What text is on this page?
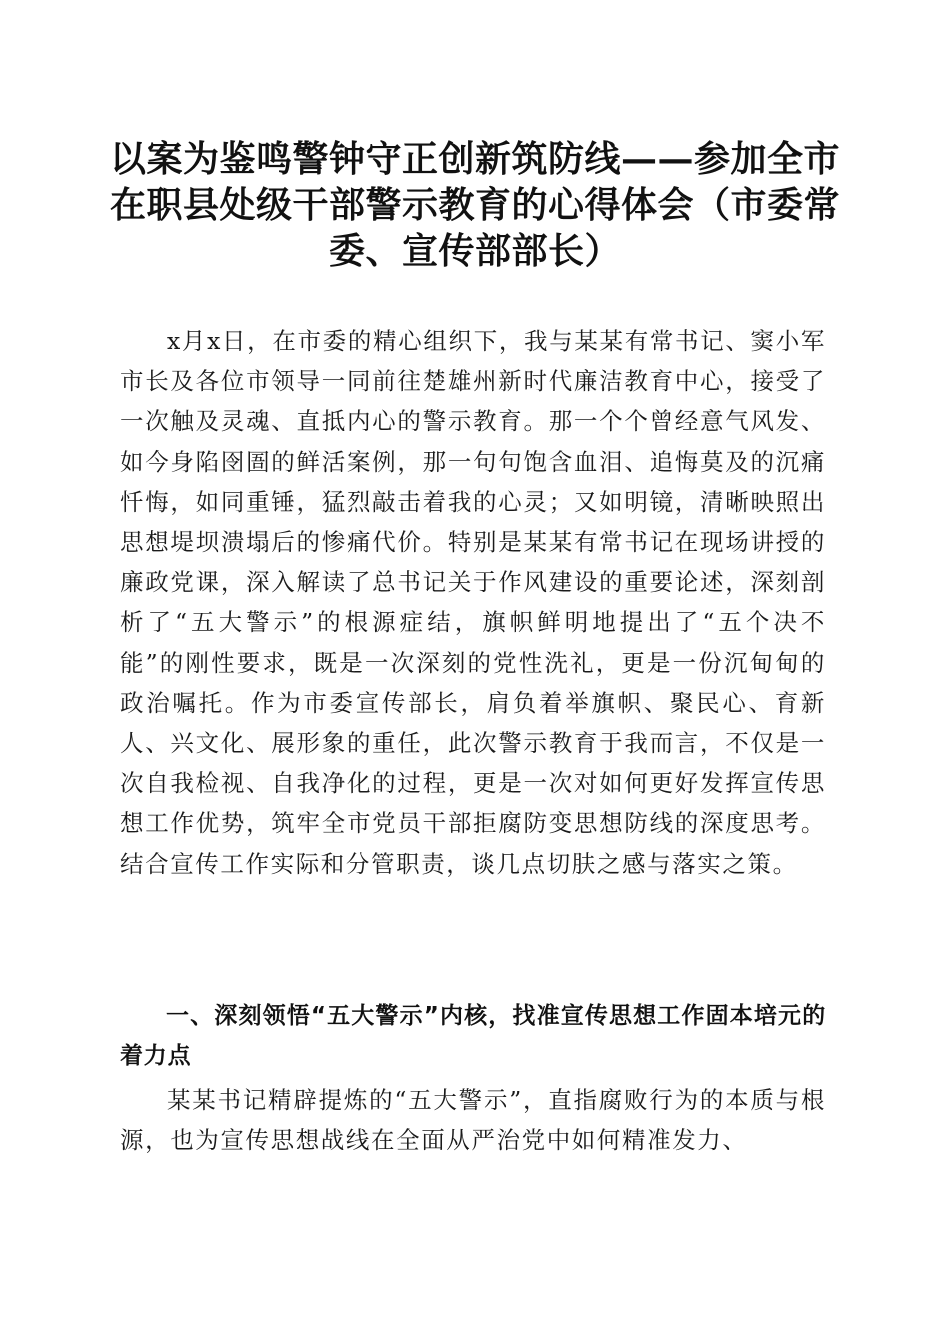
以案为鉴鸣警钟守正创新筑防线——参加全市在职县处级干部警示教育的心得体会（市委常委、宣传部部长）

x月x日，在市委的精心组织下，我与某某有常书记、窦小军市长及各位市领导一同前往楚雄州新时代廉洁教育中心，接受了一次触及灵魂、直抵内心的警示教育。那一个个曾经意气风发、如今身陷囹圄的鲜活案例，那一句句饱含血泪、追悔莫及的沉痛忏悔，如同重锤，猛烈敲击着我的心灵；又如明镜，清晰映照出思想堤坝溃塌后的惨痛代价。特别是某某有常书记在现场讲授的廉政党课，深入解读了总书记关于作风建设的重要论述，深刻剖析了“五大警示”的根源症结，旗帜鲜明地提出了“五个决不能”的刚性要求，既是一次深刻的党性洗礼，更是一份沉甸甸的政治嘱托。作为市委宣传部长，肩负着举旗帜、聚民心、育新人、兴文化、展形象的重任，此次警示教育于我而言，不仅是一次自我检视、自我净化的过程，更是一次对如何更好发挥宣传思想工作优势，筑牢全市党员干部拒腐防变思想防线的深度思考。结合宣传工作实际和分管职责，谈几点切肤之感与落实之策。

一、深刻领悟“五大警示”内核，找准宣传思想工作固本培元的着力点

某某书记精辟提炼的“五大警示”，直指腐败行为的本质与根源，也为宣传思想战线在全面从严治党中如何精准发力、
